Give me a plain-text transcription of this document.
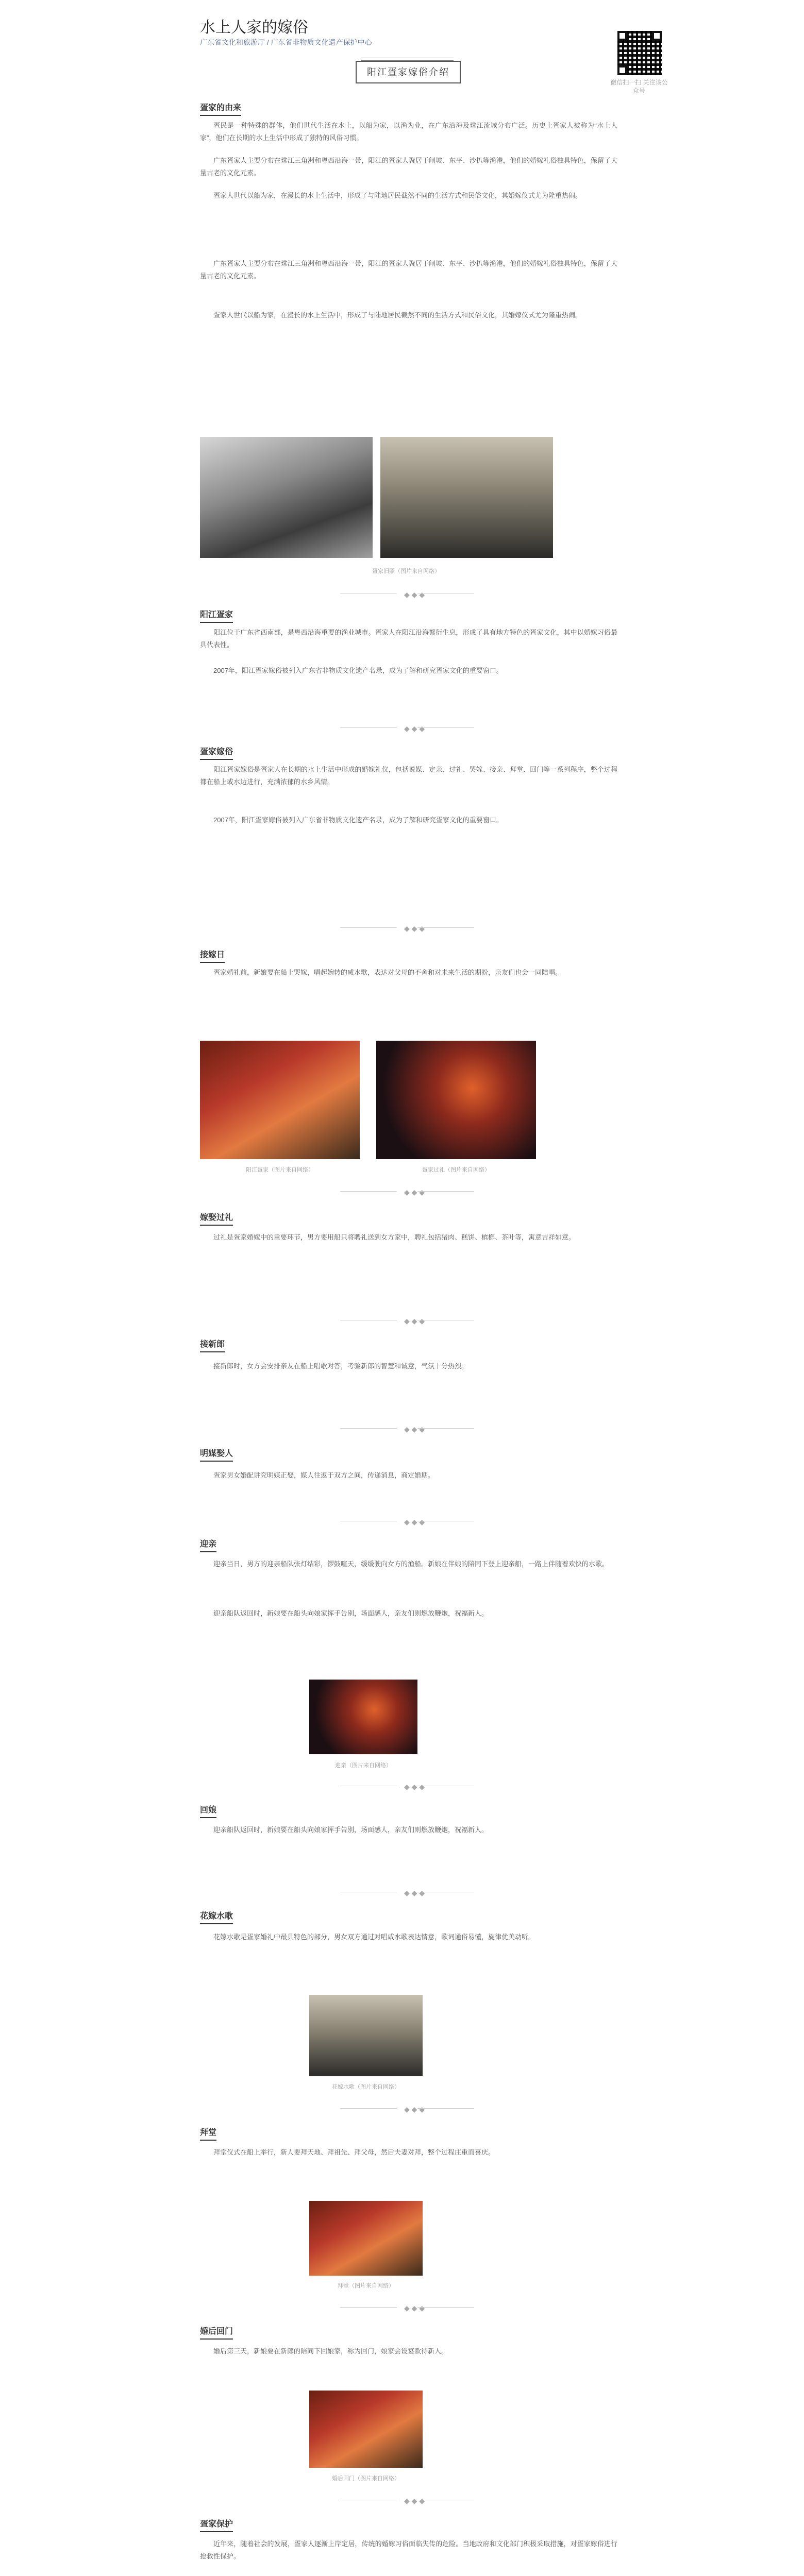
水上人家的嫁俗
广东省文化和旅游厅 / 广东省非物质文化遗产保护中心
微信扫一扫 关注该公众号
阳江疍家嫁俗介绍
疍家的由来
疍民是一种特殊的群体，他们世代生活在水上，以船为家，以渔为业，在广东沿海及珠江流域分布广泛。历史上疍家人被称为“水上人家”，他们在长期的水上生活中形成了独特的风俗习惯。
广东疍家人主要分布在珠江三角洲和粤西沿海一带，阳江的疍家人聚居于闸坡、东平、沙扒等渔港，他们的婚嫁礼俗独具特色，保留了大量古老的文化元素。
疍家人世代以船为家，在漫长的水上生活中，形成了与陆地居民截然不同的生活方式和民俗文化，其婚嫁仪式尤为隆重热闹。
广东疍家人主要分布在珠江三角洲和粤西沿海一带，阳江的疍家人聚居于闸坡、东平、沙扒等渔港，他们的婚嫁礼俗独具特色，保留了大量古老的文化元素。
疍家人世代以船为家，在漫长的水上生活中，形成了与陆地居民截然不同的生活方式和民俗文化，其婚嫁仪式尤为隆重热闹。
疍家旧照（图片来自网络）
◆ ◆ ◆
阳江疍家
阳江位于广东省西南部，是粤西沿海重要的渔业城市。疍家人在阳江沿海繁衍生息，形成了具有地方特色的疍家文化，其中以婚嫁习俗最具代表性。
2007年，阳江疍家嫁俗被列入广东省非物质文化遗产名录，成为了解和研究疍家文化的重要窗口。
◆ ◆ ◆
疍家嫁俗
阳江疍家嫁俗是疍家人在长期的水上生活中形成的婚嫁礼仪，包括说媒、定亲、过礼、哭嫁、接亲、拜堂、回门等一系列程序，整个过程都在船上或水边进行，充满浓郁的水乡风情。
2007年，阳江疍家嫁俗被列入广东省非物质文化遗产名录，成为了解和研究疍家文化的重要窗口。
◆ ◆ ◆
接嫁日
疍家婚礼前，新娘要在船上哭嫁，唱起婉转的咸水歌，表达对父母的不舍和对未来生活的期盼，亲友们也会一同陪唱。
阳江疍家（图片来自网络）	疍家过礼（图片来自网络）
◆ ◆ ◆
嫁娶过礼
过礼是疍家婚嫁中的重要环节，男方要用船只将聘礼送到女方家中，聘礼包括猪肉、糕饼、槟榔、茶叶等，寓意吉祥如意。
◆ ◆ ◆
接新郎
接新郎时，女方会安排亲友在船上唱歌对答，考验新郎的智慧和诚意，气氛十分热烈。
◆ ◆ ◆
明媒娶人
疍家男女婚配讲究明媒正娶，媒人往返于双方之间，传递消息，商定婚期。
◆ ◆ ◆
迎亲
迎亲当日，男方的迎亲船队张灯结彩，锣鼓喧天，缓缓驶向女方的渔船。新娘在伴娘的陪同下登上迎亲船，一路上伴随着欢快的水歌。
迎亲船队返回时，新娘要在船头向娘家挥手告别，场面感人，亲友们则燃放鞭炮，祝福新人。
迎亲（图片来自网络）
◆ ◆ ◆
回娘
迎亲船队返回时，新娘要在船头向娘家挥手告别，场面感人，亲友们则燃放鞭炮，祝福新人。
◆ ◆ ◆
花嫁水歌
花嫁水歌是疍家婚礼中最具特色的部分，男女双方通过对唱咸水歌表达情意，歌词通俗易懂，旋律优美动听。
花嫁水歌（图片来自网络）
◆ ◆ ◆
拜堂
拜堂仪式在船上举行，新人要拜天地、拜祖先、拜父母，然后夫妻对拜，整个过程庄重而喜庆。
拜堂（图片来自网络）
◆ ◆ ◆
婚后回门
婚后第三天，新娘要在新郎的陪同下回娘家，称为回门，娘家会设宴款待新人。
婚后回门（图片来自网络）
◆ ◆ ◆
疍家保护
近年来，随着社会的发展，疍家人逐渐上岸定居，传统的婚嫁习俗面临失传的危险。当地政府和文化部门积极采取措施，对疍家嫁俗进行抢救性保护。
